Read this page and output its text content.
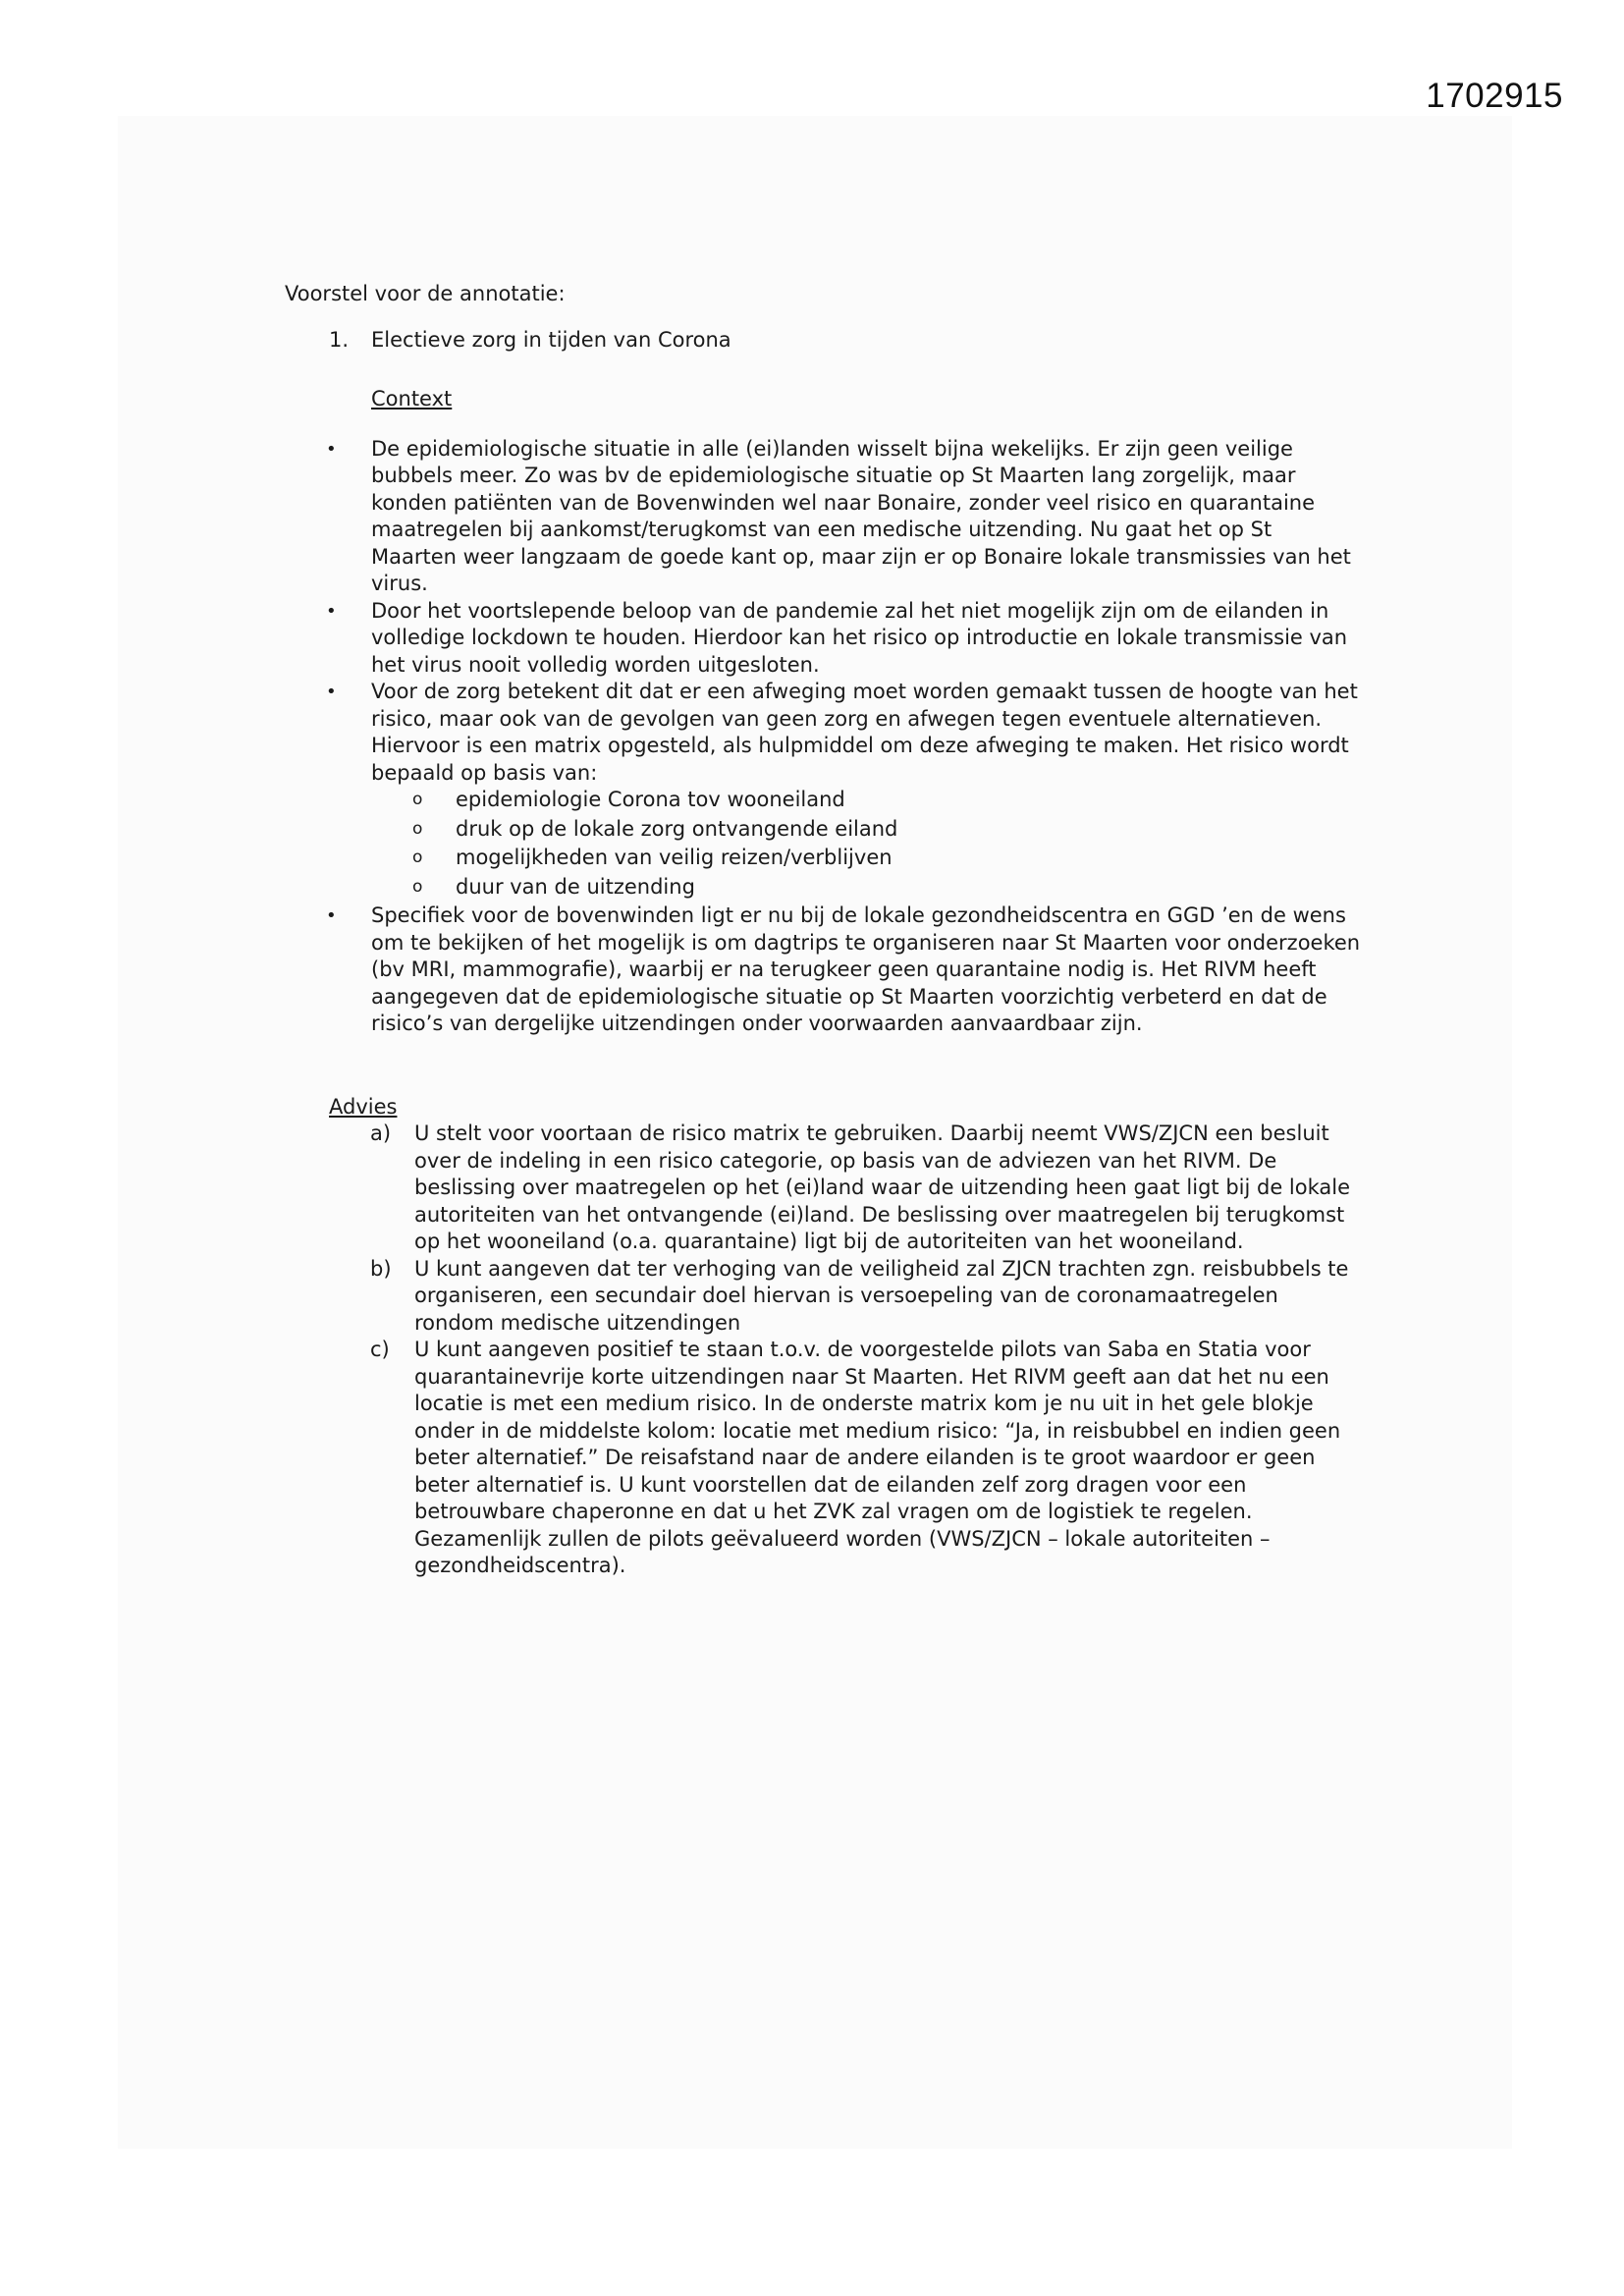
1702915

Voorstel voor de annotatie:

1.	Electieve zorg in tijden van Corona

Context

•	De epidemiologische situatie in alle (ei)landen wisselt bijna wekelijks. Er zijn geen veilige bubbels meer. Zo was bv de epidemiologische situatie op St Maarten lang zorgelijk, maar konden patiënten van de Bovenwinden wel naar Bonaire, zonder veel risico en quarantaine maatregelen bij aankomst/terugkomst van een medische uitzending. Nu gaat het op St Maarten weer langzaam de goede kant op, maar zijn er op Bonaire lokale transmissies van het virus.

•	Door het voortslepende beloop van de pandemie zal het niet mogelijk zijn om de eilanden in volledige lockdown te houden. Hierdoor kan het risico op introductie en lokale transmissie van het virus nooit volledig worden uitgesloten.

•	Voor de zorg betekent dit dat er een afweging moet worden gemaakt tussen de hoogte van het risico, maar ook van de gevolgen van geen zorg en afwegen tegen eventuele alternatieven. Hiervoor is een matrix opgesteld, als hulpmiddel om deze afweging te maken. Het risico wordt bepaald op basis van:

o	epidemiologie Corona tov wooneiland
o	druk op de lokale zorg ontvangende eiland
o	mogelijkheden van veilig reizen/verblijven
o	duur van de uitzending
•	Specifiek voor de bovenwinden ligt er nu bij de lokale gezondheidscentra en GGD ’en de wens om te bekijken of het mogelijk is om dagtrips te organiseren naar St Maarten voor onderzoeken (bv MRI, mammografie), waarbij er na terugkeer geen quarantaine nodig is. Het RIVM heeft aangegeven dat de epidemiologische situatie op St Maarten voorzichtig verbeterd en dat de risico’s van dergelijke uitzendingen onder voorwaarden aanvaardbaar zijn.

Advies

a)	U stelt voor voortaan de risico matrix te gebruiken. Daarbij neemt VWS/ZJCN een besluit over de indeling in een risico categorie, op basis van de adviezen van het RIVM. De beslissing over maatregelen op het (ei)land waar de uitzending heen gaat ligt bij de lokale autoriteiten van het ontvangende (ei)land. De beslissing over maatregelen bij terugkomst op het wooneiland (o.a. quarantaine) ligt bij de autoriteiten van het wooneiland.
b)	U kunt aangeven dat ter verhoging van de veiligheid zal ZJCN trachten zgn. reisbubbels te organiseren, een secundair doel hiervan is versoepeling van de coronamaatregelen rondom medische uitzendingen
c)	U kunt aangeven positief te staan t.o.v. de voorgestelde pilots van Saba en Statia voor quarantainevrije korte uitzendingen naar St Maarten. Het RIVM geeft aan dat het nu een locatie is met een medium risico. In de onderste matrix kom je nu uit in het gele blokje onder in de middelste kolom: locatie met medium risico: “Ja, in reisbubbel en indien geen beter alternatief.” De reisafstand naar de andere eilanden is te groot waardoor er geen beter alternatief is. U kunt voorstellen dat de eilanden zelf zorg dragen voor een betrouwbare chaperonne en dat u het ZVK zal vragen om de logistiek te regelen. Gezamenlijk zullen de pilots geëvalueerd worden (VWS/ZJCN – lokale autoriteiten – gezondheidscentra).
